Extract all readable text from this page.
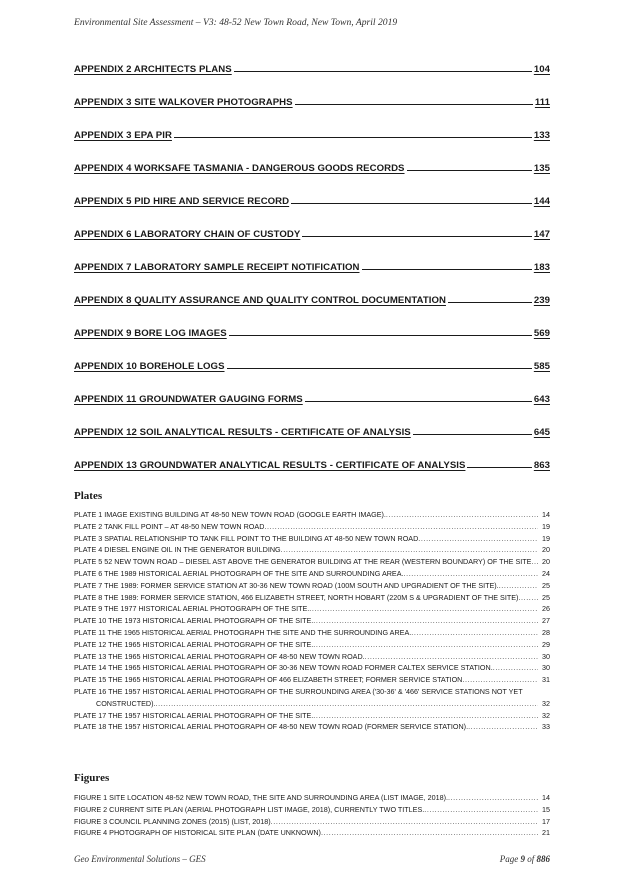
Environmental Site Assessment – V3: 48-52 New Town Road, New Town, April 2019
APPENDIX 2 ARCHITECTS PLANS	104
APPENDIX 3 SITE WALKOVER PHOTOGRAPHS	111
APPENDIX 3 EPA PIR	133
APPENDIX 4 WORKSAFE TASMANIA - DANGEROUS GOODS RECORDS	135
APPENDIX 5 PID HIRE AND SERVICE RECORD	144
APPENDIX 6 LABORATORY CHAIN OF CUSTODY	147
APPENDIX 7 LABORATORY SAMPLE RECEIPT NOTIFICATION	183
APPENDIX 8 QUALITY ASSURANCE AND QUALITY CONTROL DOCUMENTATION	239
APPENDIX 9 BORE LOG IMAGES	569
APPENDIX 10 BOREHOLE LOGS	585
APPENDIX 11 GROUNDWATER GAUGING FORMS	643
APPENDIX 12 SOIL ANALYTICAL RESULTS - CERTIFICATE OF ANALYSIS	645
APPENDIX 13 GROUNDWATER ANALYTICAL RESULTS - CERTIFICATE OF ANALYSIS	863
Plates
PLATE 1 IMAGE EXISTING BUILDING AT 48-50 NEW TOWN ROAD (GOOGLE EARTH IMAGE). .....	14
PLATE 2 TANK FILL POINT – AT 48-50 NEW TOWN ROAD .....	19
PLATE 3 SPATIAL RELATIONSHIP TO TANK FILL POINT TO THE BUILDING AT 48-50 NEW TOWN ROAD .....	19
PLATE 4 DIESEL ENGINE OIL IN THE GENERATOR BUILDING .....	20
PLATE 5 52 NEW TOWN ROAD – DIESEL AST ABOVE THE GENERATOR BUILDING AT THE REAR (WESTERN BOUNDARY) OF THE SITE .....	20
PLATE 6 THE 1989 HISTORICAL AERIAL PHOTOGRAPH OF THE SITE AND SURROUNDING AREA. .....	24
PLATE 7 THE 1989: FORMER SERVICE STATION AT 30-36 NEW TOWN ROAD (100M SOUTH AND UPGRADIENT OF THE SITE). .....	25
PLATE 8 THE 1989: FORMER SERVICE STATION, 466 ELIZABETH STREET, NORTH HOBART (220M S & UPGRADIENT OF THE SITE) .....	25
PLATE 9 THE 1977 HISTORICAL AERIAL PHOTOGRAPH OF THE SITE. .....	26
PLATE 10 THE 1973 HISTORICAL AERIAL PHOTOGRAPH OF THE SITE. .....	27
PLATE 11 THE 1965 HISTORICAL AERIAL PHOTOGRAPH THE SITE AND THE SURROUNDING AREA. .....	28
PLATE 12 THE 1965 HISTORICAL AERIAL PHOTOGRAPH OF THE SITE. .....	29
PLATE 13 THE 1965 HISTORICAL AERIAL PHOTOGRAPH OF 48-50 NEW TOWN ROAD. .....	30
PLATE 14 THE 1965 HISTORICAL AERIAL PHOTOGRAPH OF 30-36 NEW TOWN ROAD FORMER CALTEX SERVICE STATION. .....	30
PLATE 15 THE 1965 HISTORICAL AERIAL PHOTOGRAPH OF 466 ELIZABETH STREET; FORMER SERVICE STATION .....	31
PLATE 16 THE 1957 HISTORICAL AERIAL PHOTOGRAPH OF THE SURROUNDING AREA ('30-36' & '466' SERVICE STATIONS NOT YET
CONSTRUCTED). .....	32
PLATE 17 THE 1957 HISTORICAL AERIAL PHOTOGRAPH OF THE SITE. .....	32
PLATE 18 THE 1957 HISTORICAL AERIAL PHOTOGRAPH OF 48-50 NEW TOWN ROAD (FORMER SERVICE STATION). .....	33
Figures
FIGURE 1 SITE LOCATION 48-52 NEW TOWN ROAD, THE SITE AND SURROUNDING AREA (LIST IMAGE, 2018). .....	14
FIGURE 2 CURRENT SITE PLAN (AERIAL PHOTOGRAPH LIST IMAGE, 2018), CURRENTLY TWO TITLES. .....	15
FIGURE 3 COUNCIL PLANNING ZONES (2015) (LIST, 2018) .....	17
FIGURE 4 PHOTOGRAPH OF HISTORICAL SITE PLAN (DATE UNKNOWN) .....	21
Geo Environmental Solutions – GES	Page 9 of 886
